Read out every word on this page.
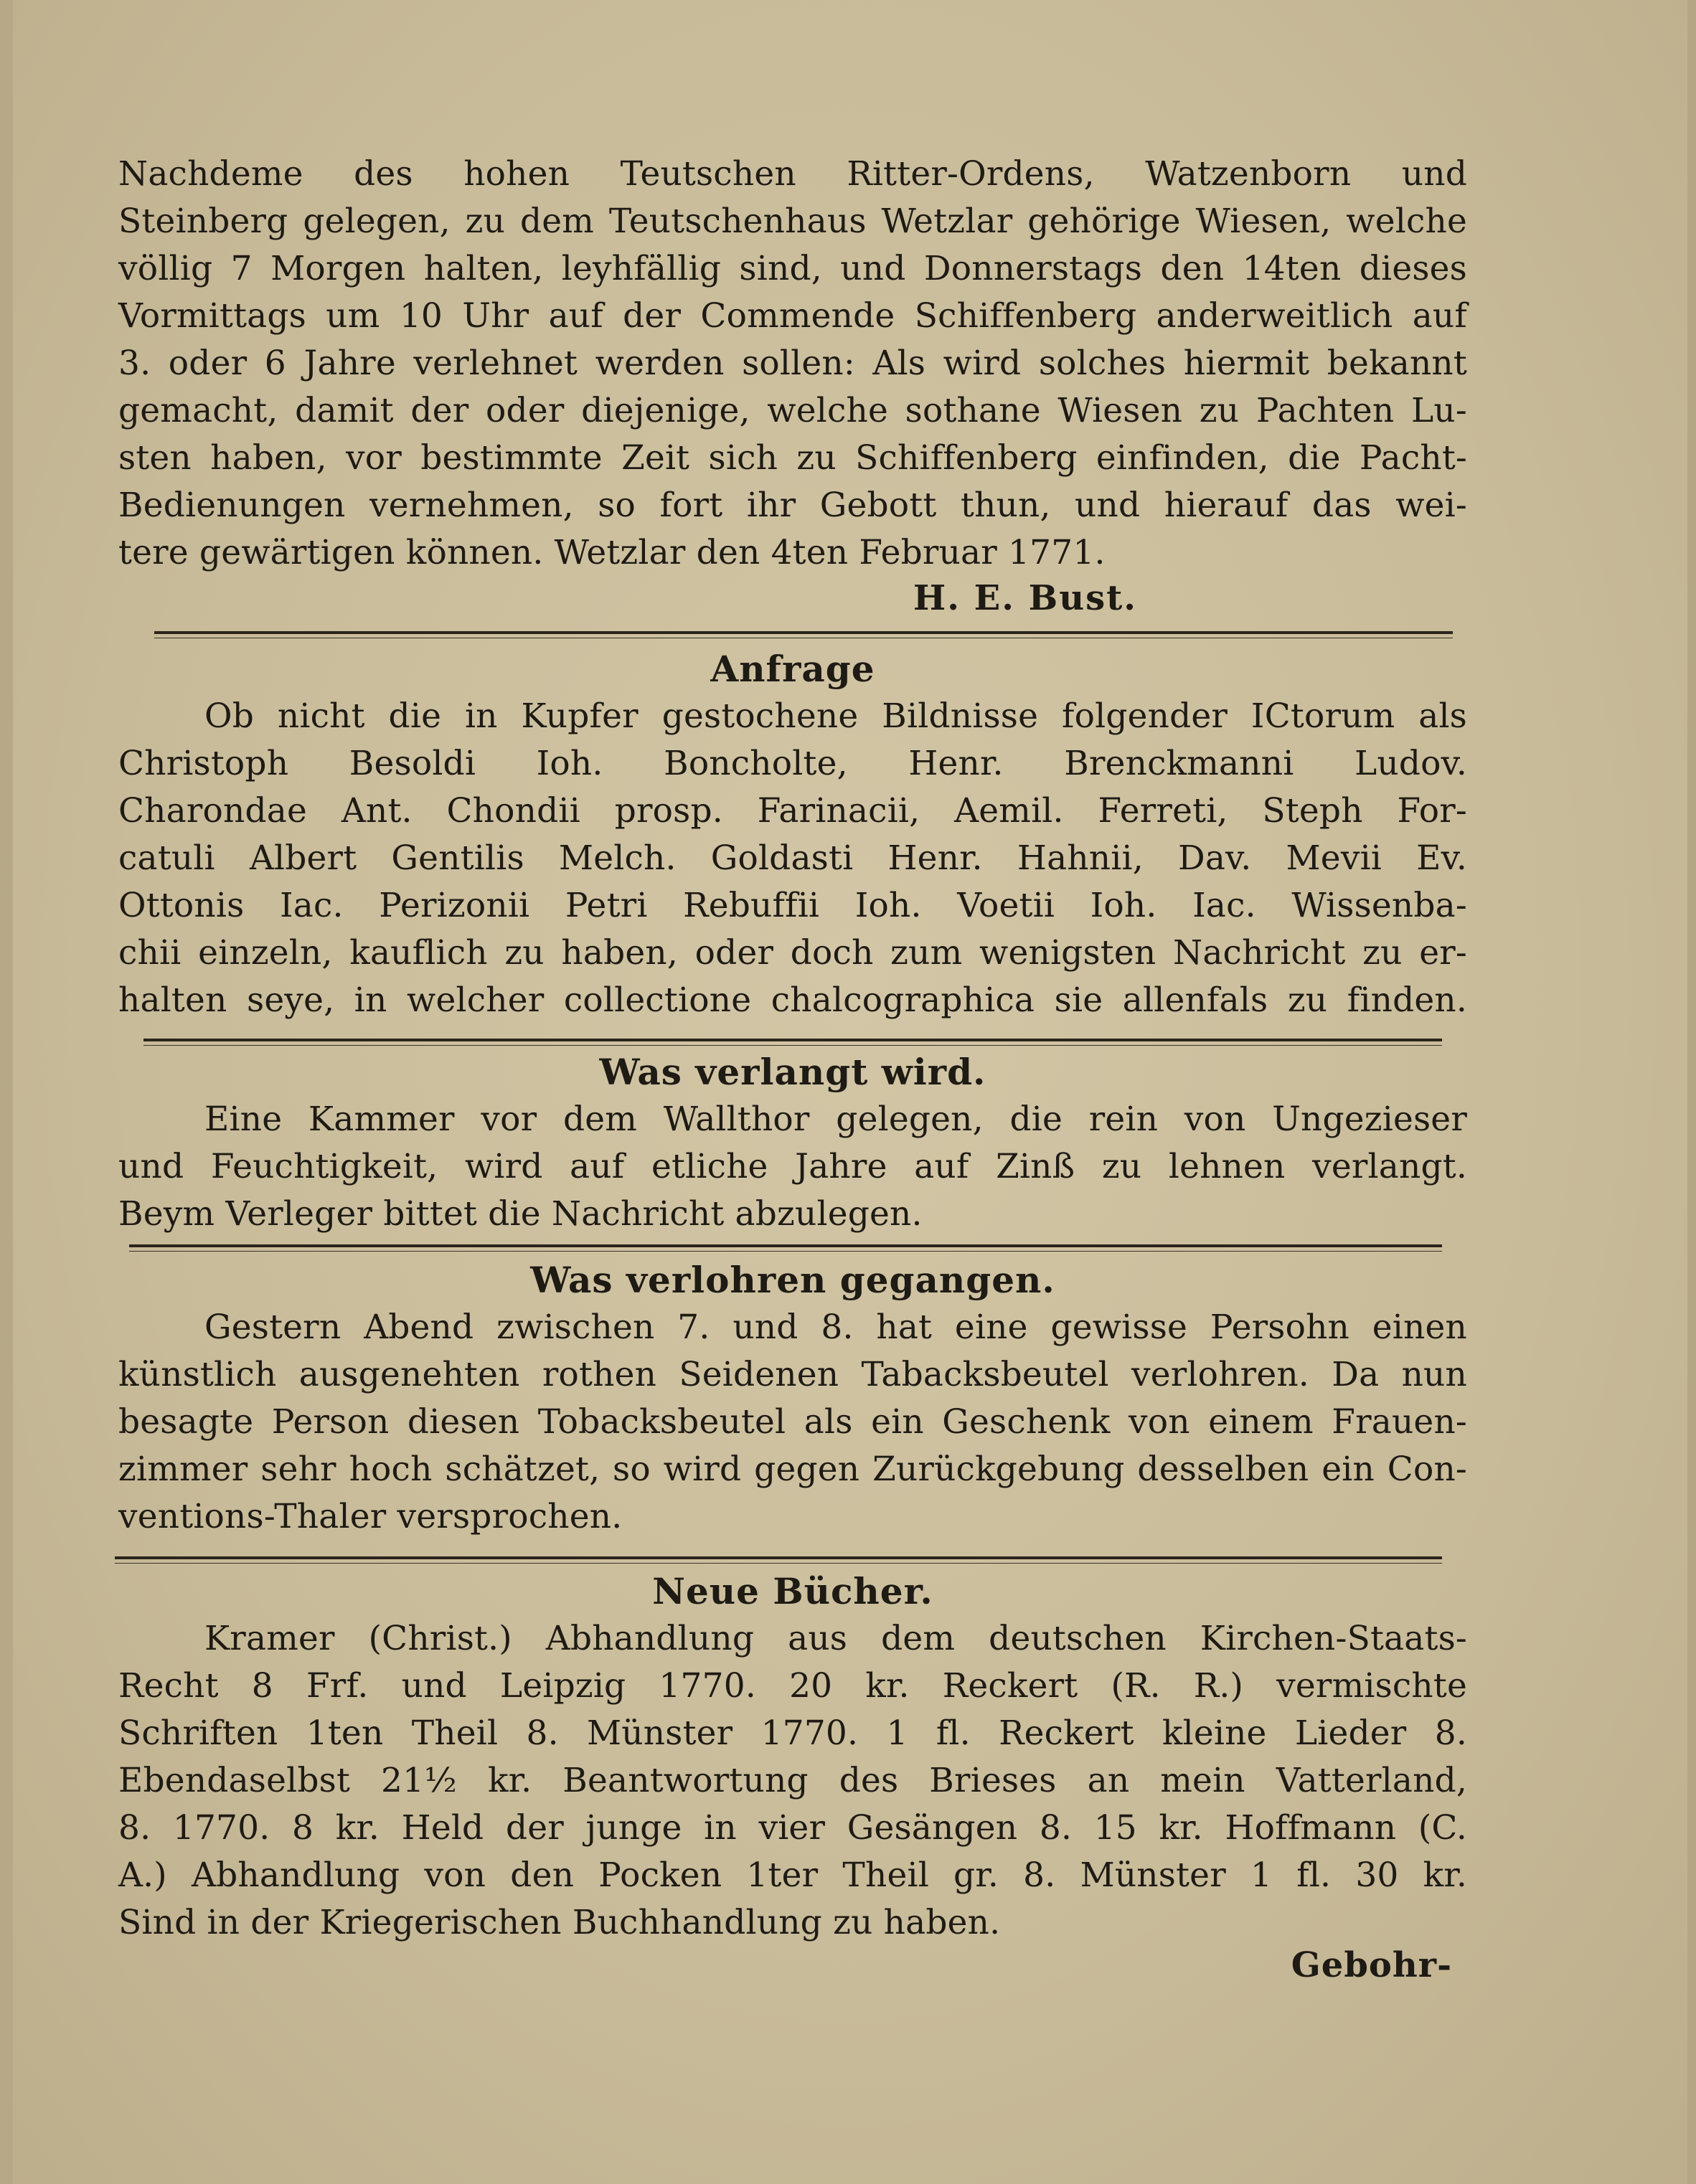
Nachdeme des hohen Teutschen Ritter-Ordens, Watzenborn und
Steinberg gelegen, zu dem Teutschenhaus Wetzlar gehörige Wiesen, welche
völlig 7 Morgen halten, leyhfällig sind, und Donnerstags den 14ten dieses
Vormittags um 10 Uhr auf der Commende Schiffenberg anderweitlich auf
3. oder 6 Jahre verlehnet werden sollen: Als wird solches hiermit bekannt
gemacht, damit der oder diejenige, welche sothane Wiesen zu Pachten Lu-
sten haben, vor bestimmte Zeit sich zu Schiffenberg einfinden, die Pacht-
Bedienungen vernehmen, so fort ihr Gebott thun, und hierauf das wei-
tere gewärtigen können. Wetzlar den 4ten Februar 1771.
H. E. Bust.
Anfrage
Ob nicht die in Kupfer gestochene Bildnisse folgender ICtorum als
Christoph Besoldi Ioh. Boncholte, Henr. Brenckmanni Ludov.
Charondae Ant. Chondii prosp. Farinacii, Aemil. Ferreti, Steph For-
catuli Albert Gentilis Melch. Goldasti Henr. Hahnii, Dav. Mevii Ev.
Ottonis Iac. Perizonii Petri Rebuffii Ioh. Voetii Ioh. Iac. Wissenba-
chii einzeln, kauflich zu haben, oder doch zum wenigsten Nachricht zu er-
halten seye, in welcher collectione chalcographica sie allenfals zu finden.
Was verlangt wird.
Eine Kammer vor dem Wallthor gelegen, die rein von Ungezieser
und Feuchtigkeit, wird auf etliche Jahre auf Zinß zu lehnen verlangt.
Beym Verleger bittet die Nachricht abzulegen.
Was verlohren gegangen.
Gestern Abend zwischen 7. und 8. hat eine gewisse Persohn einen
künstlich ausgenehten rothen Seidenen Tabacksbeutel verlohren. Da nun
besagte Person diesen Tobacksbeutel als ein Geschenk von einem Frauen-
zimmer sehr hoch schätzet, so wird gegen Zurückgebung desselben ein Con-
ventions-Thaler versprochen.
Neue Bücher.
Kramer (Christ.) Abhandlung aus dem deutschen Kirchen-Staats-
Recht 8 Frf. und Leipzig 1770. 20 kr. Reckert (R. R.) vermischte
Schriften 1ten Theil 8. Münster 1770. 1 fl. Reckert kleine Lieder 8.
Ebendaselbst 21½ kr. Beantwortung des Brieses an mein Vatterland,
8. 1770. 8 kr. Held der junge in vier Gesängen 8. 15 kr. Hoffmann (C.
A.) Abhandlung von den Pocken 1ter Theil gr. 8. Münster 1 fl. 30 kr.
Sind in der Kriegerischen Buchhandlung zu haben.
Gebohr-
